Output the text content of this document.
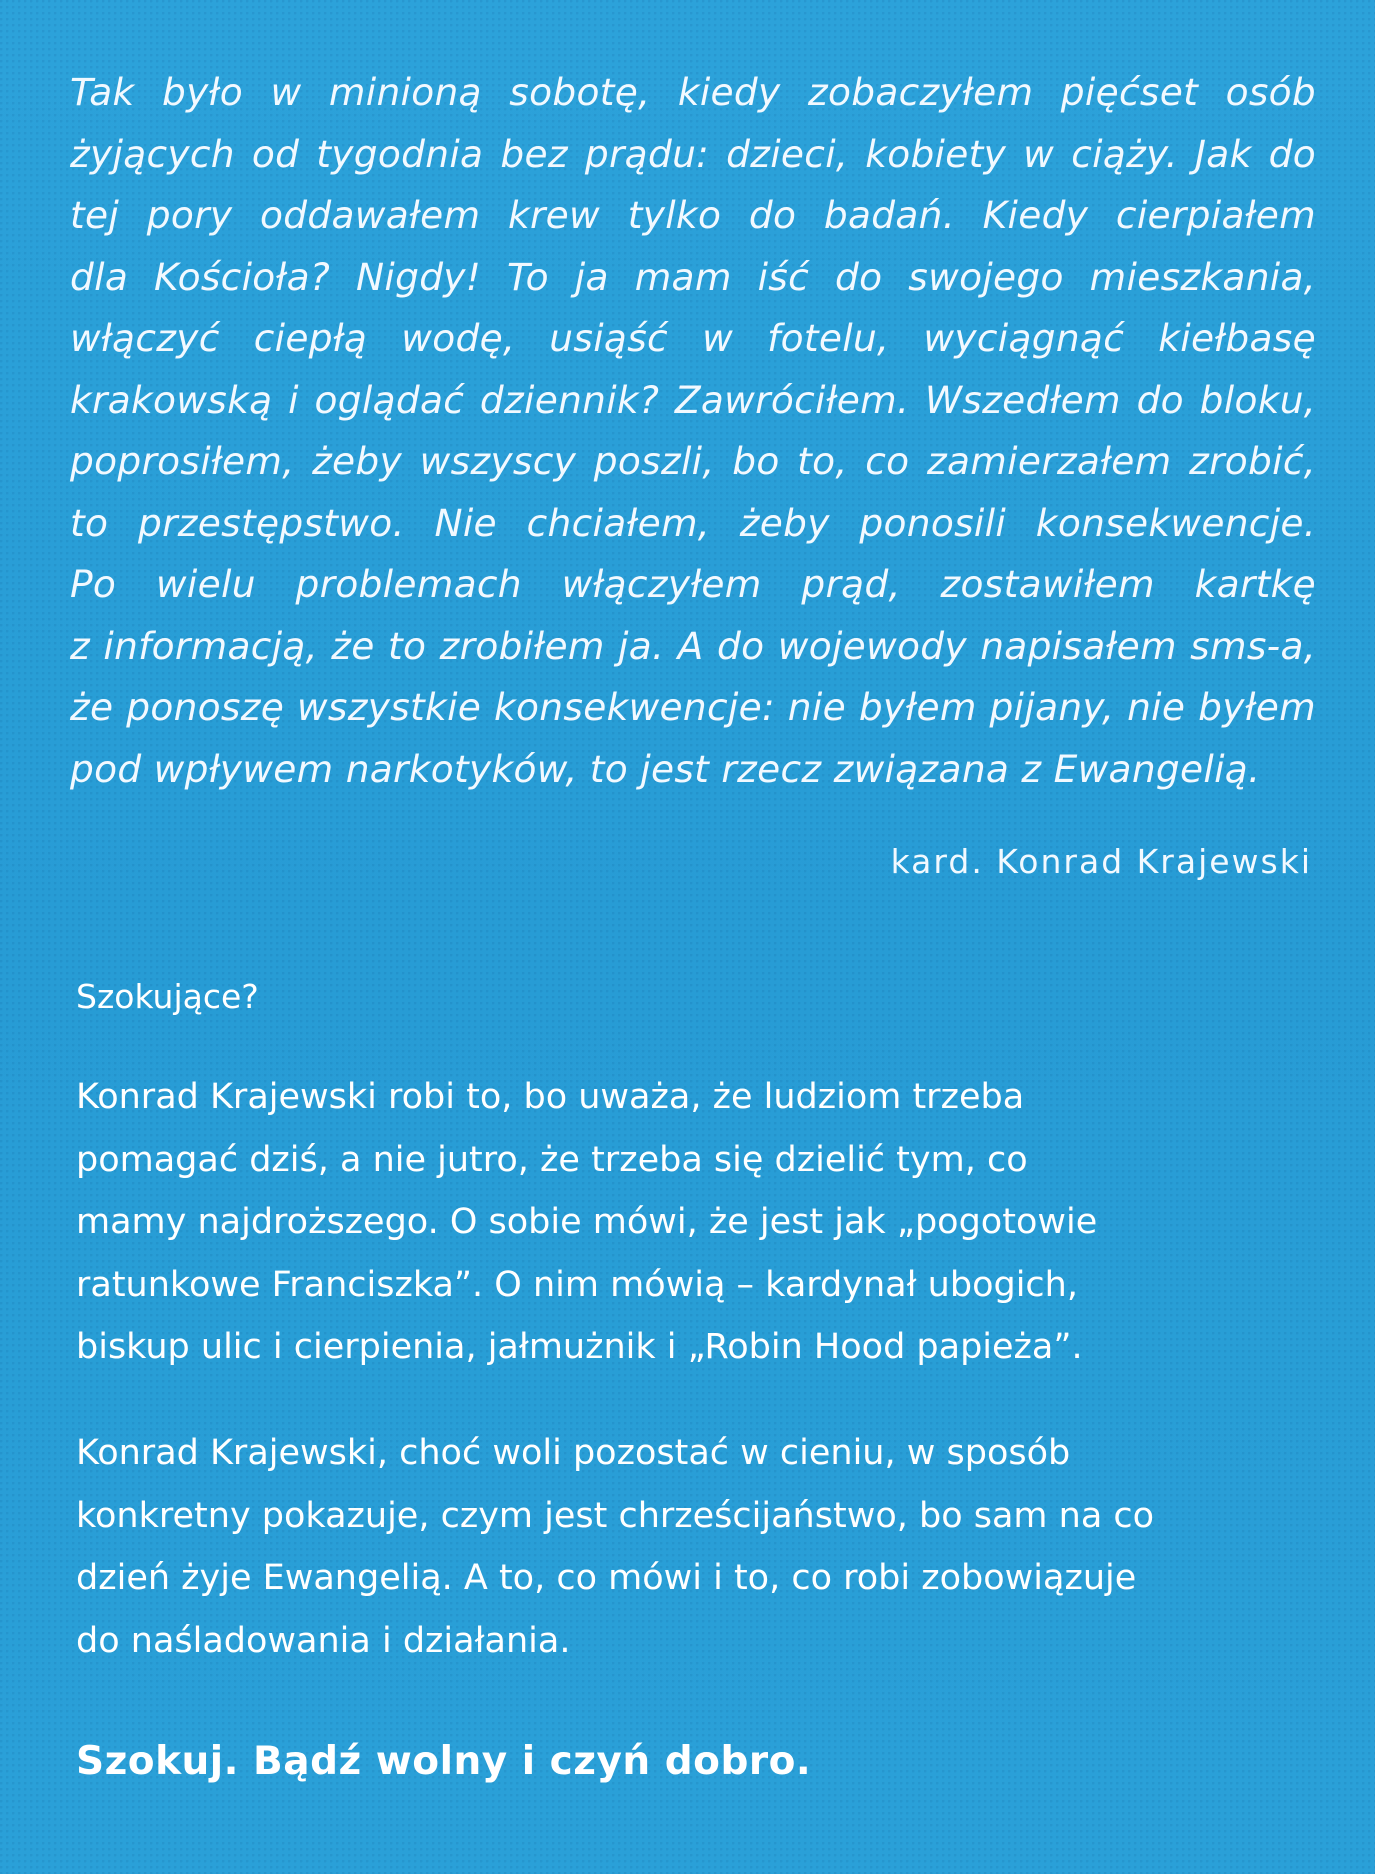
Tak było w minioną sobotę, kiedy zobaczyłem pięćset osób
żyjących od tygodnia bez prądu: dzieci, kobiety w ciąży. Jak do
tej pory oddawałem krew tylko do badań. Kiedy cierpiałem
dla Kościoła? Nigdy! To ja mam iść do swojego mieszkania,
włączyć ciepłą wodę, usiąść w fotelu, wyciągnąć kiełbasę
krakowską i oglądać dziennik? Zawróciłem. Wszedłem do bloku,
poprosiłem, żeby wszyscy poszli, bo to, co zamierzałem zrobić,
to przestępstwo. Nie chciałem, żeby ponosili konsekwencje.
Po wielu problemach włączyłem prąd, zostawiłem kartkę
z informacją, że to zrobiłem ja. A do wojewody napisałem sms-a,
że ponoszę wszystkie konsekwencje: nie byłem pijany, nie byłem
pod wpływem narkotyków, to jest rzecz związana z Ewangelią.
kard. Konrad Krajewski
Szokujące?
Konrad Krajewski robi to, bo uważa, że ludziom trzeba
pomagać dziś, a nie jutro, że trzeba się dzielić tym, co
mamy najdroższego. O sobie mówi, że jest jak „pogotowie
ratunkowe Franciszka”. O nim mówią – kardynał ubogich,
biskup ulic i cierpienia, jałmużnik i „Robin Hood papieża”.
Konrad Krajewski, choć woli pozostać w cieniu, w sposób
konkretny pokazuje, czym jest chrześcijaństwo, bo sam na co
dzień żyje Ewangelią. A to, co mówi i to, co robi zobowiązuje
do naśladowania i działania.
Szokuj. Bądź wolny i czyń dobro.
